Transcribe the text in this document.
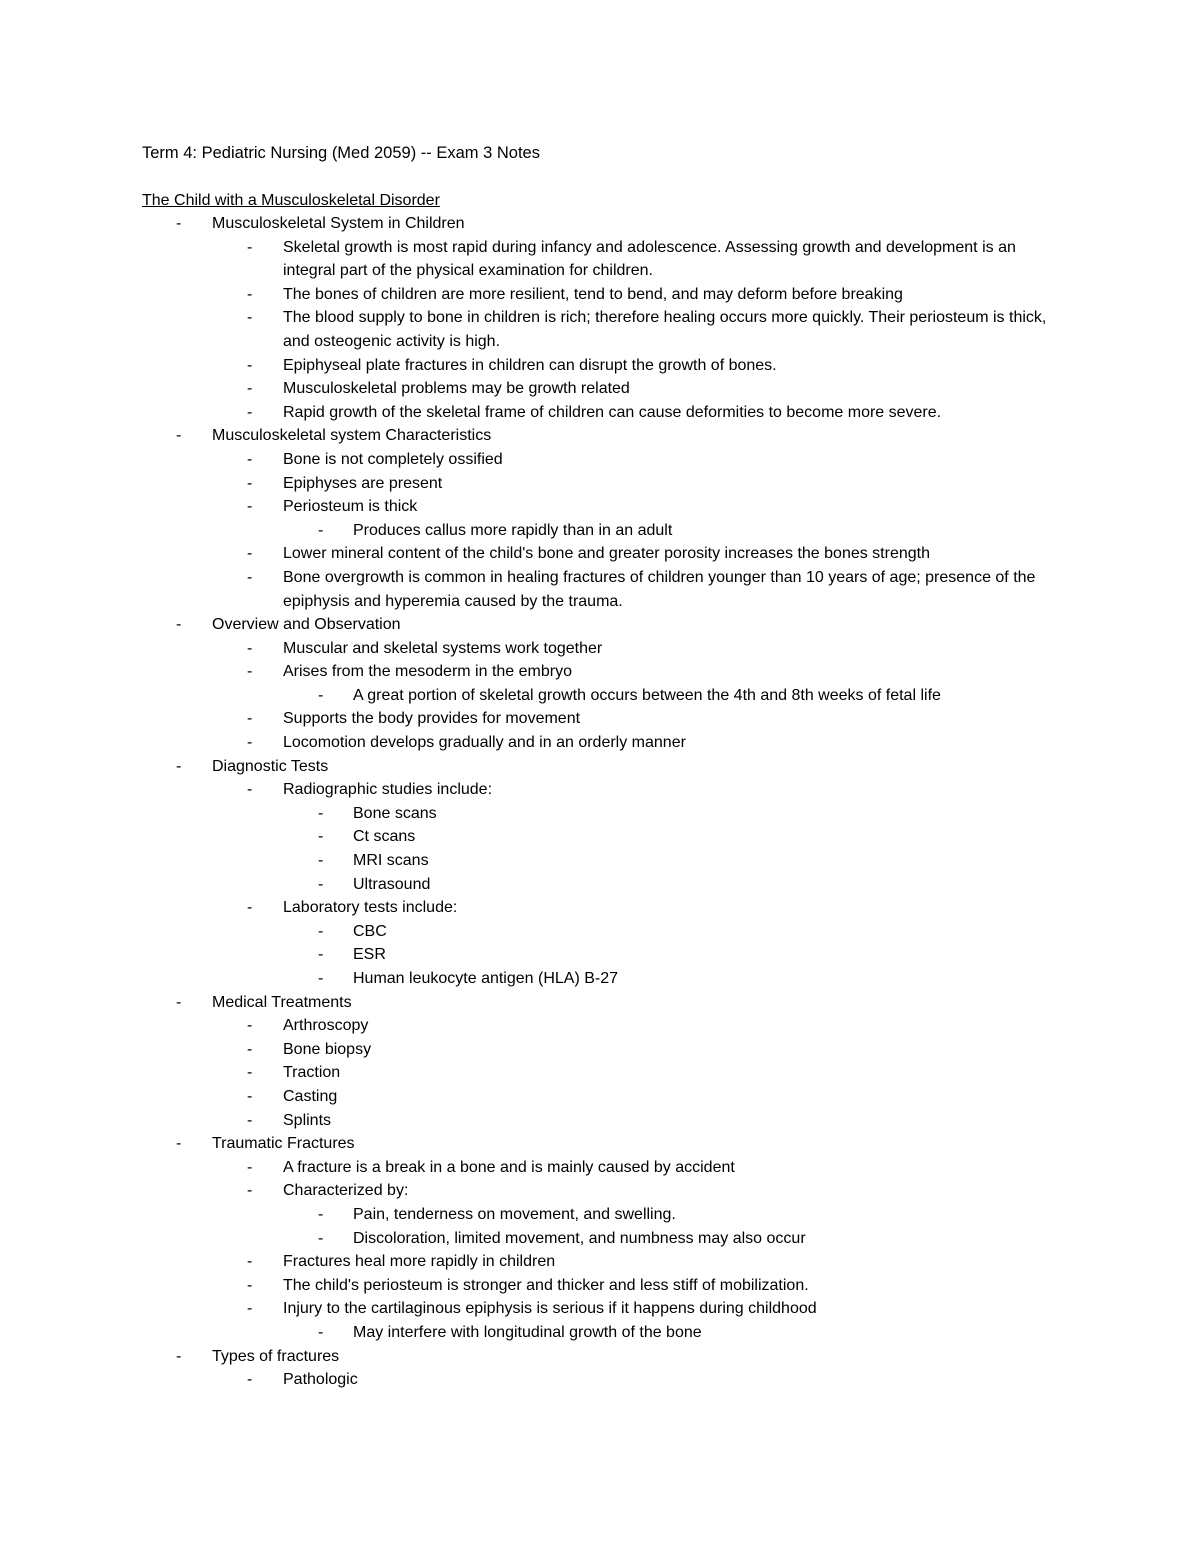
Term 4: Pediatric Nursing (Med 2059) -- Exam 3 Notes
The Child with a Musculoskeletal Disorder
- Musculoskeletal System in Children
- Skeletal growth is most rapid during infancy and adolescence. Assessing growth and development is an integral part of the physical examination for children.
- The bones of children are more resilient, tend to bend, and may deform before breaking
- The blood supply to bone in children is rich; therefore healing occurs more quickly. Their periosteum is thick, and osteogenic activity is high.
- Epiphyseal plate fractures in children can disrupt the growth of bones.
- Musculoskeletal problems may be growth related
- Rapid growth of the skeletal frame of children can cause deformities to become more severe.
- Musculoskeletal system Characteristics
- Bone is not completely ossified
- Epiphyses are present
- Periosteum is thick
- Produces callus more rapidly than in an adult
- Lower mineral content of the child's bone and greater porosity increases the bones strength
- Bone overgrowth is common in healing fractures of children younger than 10 years of age; presence of the epiphysis and hyperemia caused by the trauma.
- Overview and Observation
- Muscular and skeletal systems work together
- Arises from the mesoderm in the embryo
- A great portion of skeletal growth occurs between the 4th and 8th weeks of fetal life
- Supports the body provides for movement
- Locomotion develops gradually and in an orderly manner
- Diagnostic Tests
- Radiographic studies include:
- Bone scans
- Ct scans
- MRI scans
- Ultrasound
- Laboratory tests include:
- CBC
- ESR
- Human leukocyte antigen (HLA) B-27
- Medical Treatments
- Arthroscopy
- Bone biopsy
- Traction
- Casting
- Splints
- Traumatic Fractures
- A fracture is a break in a bone and is mainly caused by accident
- Characterized by:
- Pain, tenderness on movement, and swelling.
- Discoloration, limited movement, and numbness may also occur
- Fractures heal more rapidly in children
- The child's periosteum is stronger and thicker and less stiff of mobilization.
- Injury to the cartilaginous epiphysis is serious if it happens during childhood
- May interfere with longitudinal growth of the bone
- Types of fractures
- Pathologic
